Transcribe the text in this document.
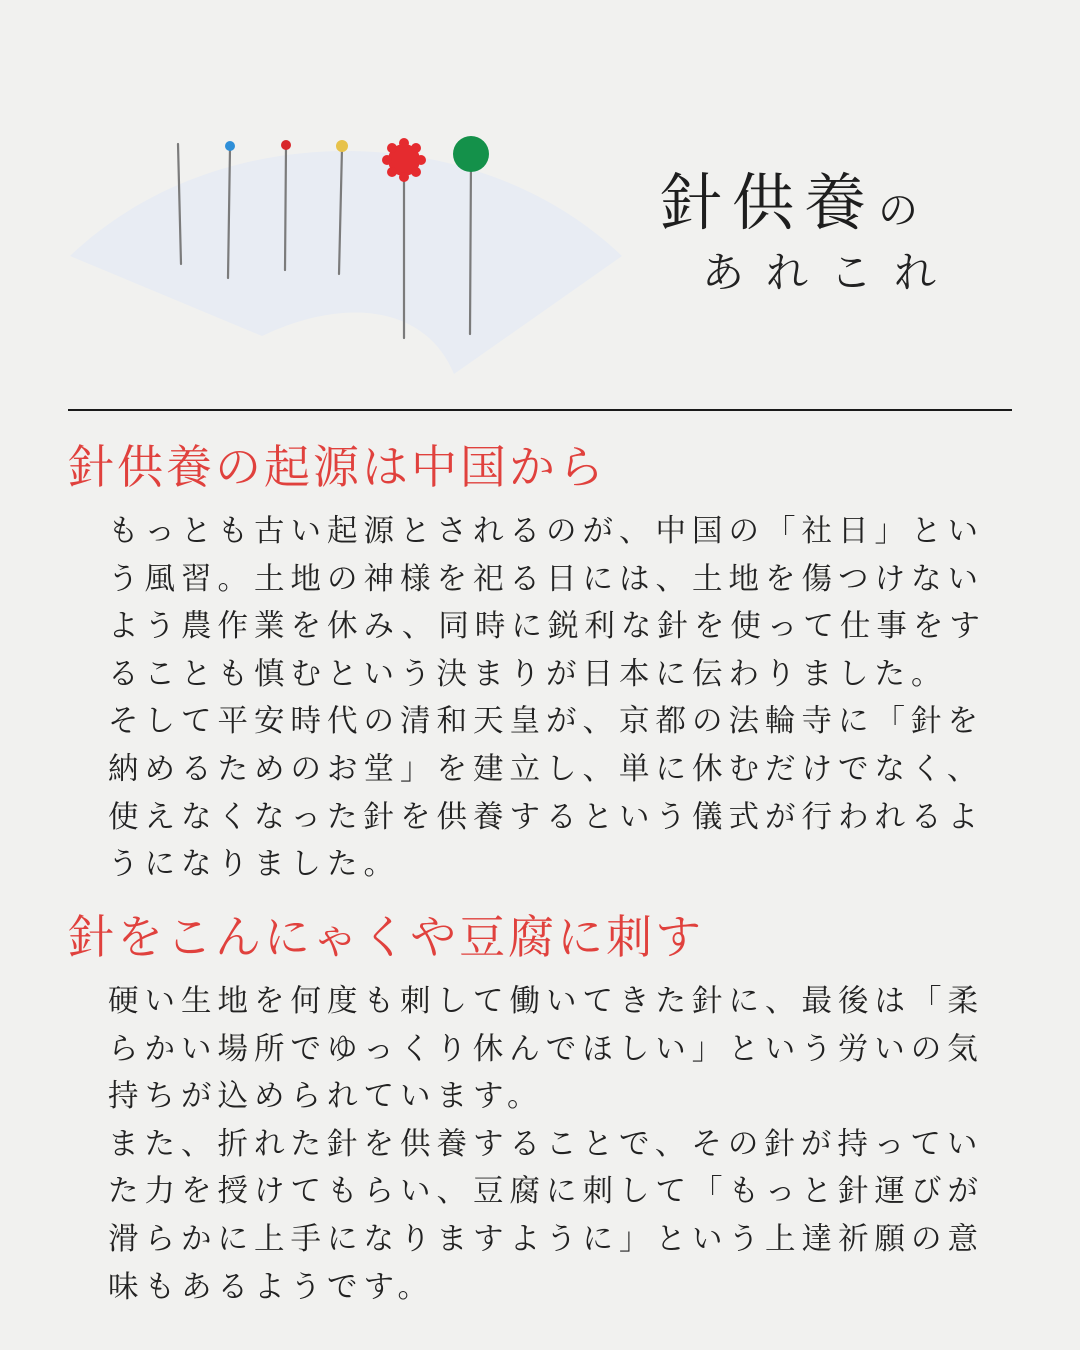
針供養の
あれこれ
針供養の起源は中国から
もっとも古い起源とされるのが、中国の「社日」とい
う風習。土地の神様を祀る日には、土地を傷つけない
よう農作業を休み、同時に鋭利な針を使って仕事をす
ることも慎むという決まりが日本に伝わりました。
そして平安時代の清和天皇が、京都の法輪寺に「針を
納めるためのお堂」を建立し、単に休むだけでなく、
使えなくなった針を供養するという儀式が行われるよ
うになりました。
針をこんにゃくや豆腐に刺す
硬い生地を何度も刺して働いてきた針に、最後は「柔
らかい場所でゆっくり休んでほしい」という労いの気
持ちが込められています。
また、折れた針を供養することで、その針が持ってい
た力を授けてもらい、豆腐に刺して「もっと針運びが
滑らかに上手になりますように」という上達祈願の意
味もあるようです。
